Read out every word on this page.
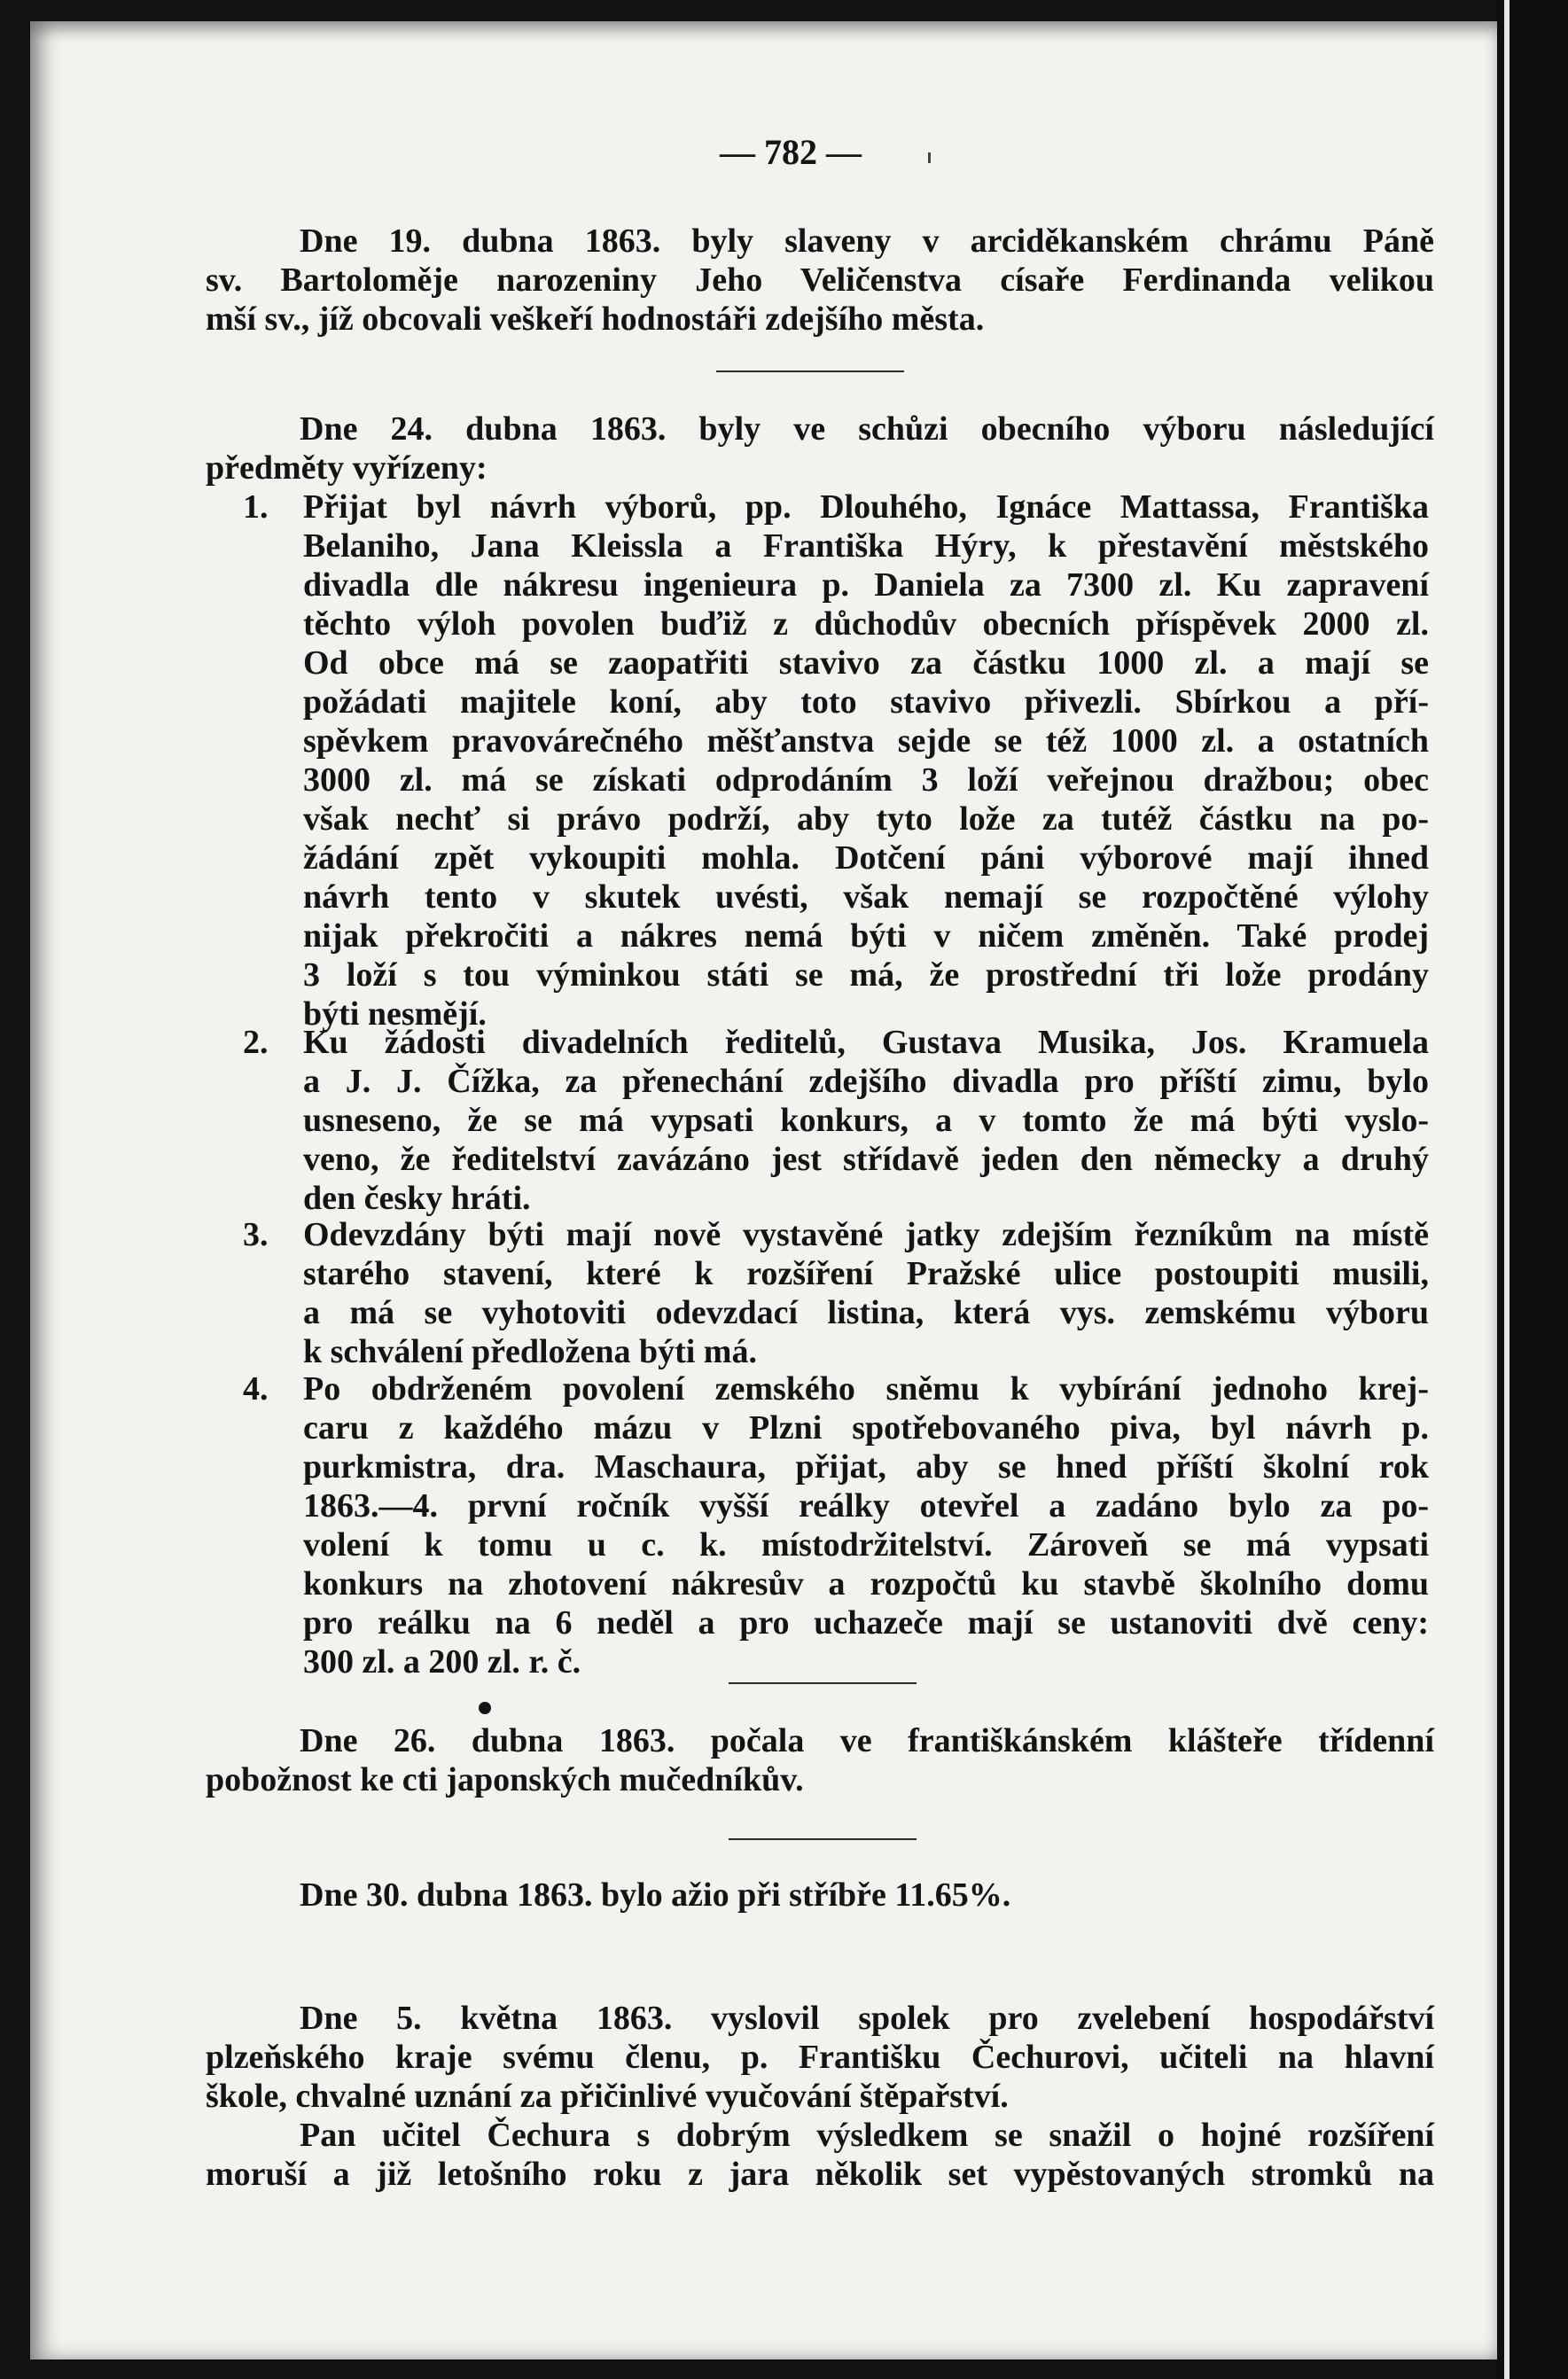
— 782 —
Dne 19. dubna 1863. byly slaveny v arciděkanském chrámu Páně
sv. Bartoloměje narozeniny Jeho Veličenstva císaře Ferdinanda velikou
mší sv., jíž obcovali veškeří hodnostáři zdejšího města.
Dne 24. dubna 1863. byly ve schůzi obecního výboru následující
předměty vyřízeny:
1. Přijat byl návrh výborů, pp. Dlouhého, Ignáce Mattassa, Františka
Belaniho, Jana Kleissla a Františka Hýry, k přestavění městského
divadla dle nákresu ingenieura p. Daniela za 7300 zl. Ku zapravení
těchto výloh povolen buďiž z důchodův obecních příspěvek 2000 zl.
Od obce má se zaopatřiti stavivo za částku 1000 zl. a mají se
požádati majitele koní, aby toto stavivo přivezli. Sbírkou a pří-
spěvkem pravovárečného měšťanstva sejde se též 1000 zl. a ostatních
3000 zl. má se získati odprodáním 3 loží veřejnou dražbou; obec
však nechť si právo podrží, aby tyto lože za tutéž částku na po-
žádání zpět vykoupiti mohla. Dotčení páni výborové mají ihned
návrh tento v skutek uvésti, však nemají se rozpočtěné výlohy
nijak překročiti a nákres nemá býti v ničem změněn. Také prodej
3 loží s tou výminkou státi se má, že prostřední tři lože prodány
býti nesmějí.
2. Ku žádosti divadelních ředitelů, Gustava Musika, Jos. Kramuela
a J. J. Čížka, za přenechání zdejšího divadla pro příští zimu, bylo
usneseno, že se má vypsati konkurs, a v tomto že má býti vyslo-
veno, že ředitelství zavázáno jest střídavě jeden den německy a druhý
den česky hráti.
3. Odevzdány býti mají nově vystavěné jatky zdejším řezníkům na místě
starého stavení, které k rozšíření Pražské ulice postoupiti musili,
a má se vyhotoviti odevzdací listina, která vys. zemskému výboru
k schválení předložena býti má.
4. Po obdrženém povolení zemského sněmu k vybírání jednoho krej-
caru z každého mázu v Plzni spotřebovaného piva, byl návrh p.
purkmistra, dra. Maschaura, přijat, aby se hned příští školní rok
1863.—4. první ročník vyšší reálky otevřel a zadáno bylo za po-
volení k tomu u c. k. místodržitelství. Zároveň se má vypsati
konkurs na zhotovení nákresův a rozpočtů ku stavbě školního domu
pro reálku na 6 neděl a pro uchazeče mají se ustanoviti dvě ceny:
300 zl. a 200 zl. r. č.
Dne 26. dubna 1863. počala ve františkánském klášteře třídenní
pobožnost ke cti japonských mučedníkův.
Dne 30. dubna 1863. bylo ažio při stříbře 11.65%.
Dne 5. května 1863. vyslovil spolek pro zvelebení hospodářství
plzeňského kraje svému členu, p. Františku Čechurovi, učiteli na hlavní
škole, chvalné uznání za přičinlivé vyučování štěpařství.
Pan učitel Čechura s dobrým výsledkem se snažil o hojné rozšíření
moruší a již letošního roku z jara několik set vypěstovaných stromků na
